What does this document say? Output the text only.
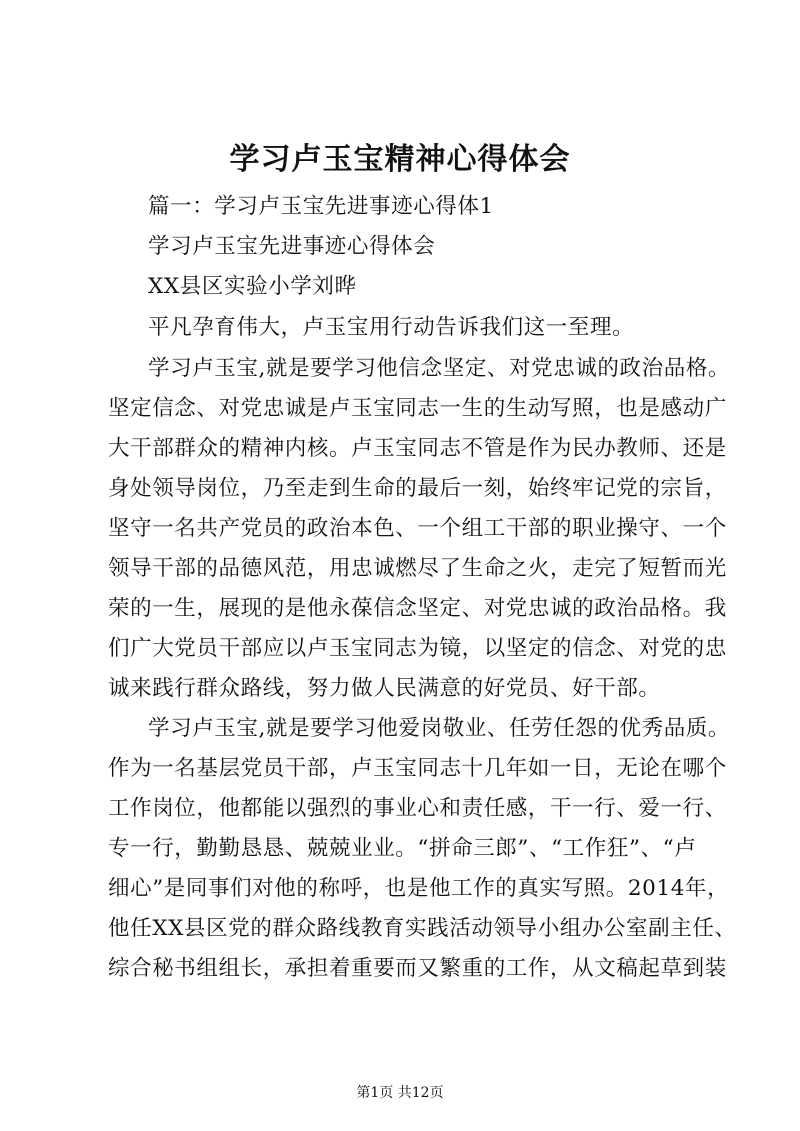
学习卢玉宝精神心得体会
篇一：学习卢玉宝先进事迹心得体1
学习卢玉宝先进事迹心得体会
XX县区实验小学刘晔
平凡孕育伟大，卢玉宝用行动告诉我们这一至理。
学习卢玉宝,就是要学习他信念坚定、对党忠诚的政治品格。
坚定信念、对党忠诚是卢玉宝同志一生的生动写照，也是感动广
大干部群众的精神内核。卢玉宝同志不管是作为民办教师、还是
身处领导岗位，乃至走到生命的最后一刻，始终牢记党的宗旨，
坚守一名共产党员的政治本色、一个组工干部的职业操守、一个
领导干部的品德风范，用忠诚燃尽了生命之火，走完了短暂而光
荣的一生，展现的是他永葆信念坚定、对党忠诚的政治品格。我
们广大党员干部应以卢玉宝同志为镜，以坚定的信念、对党的忠
诚来践行群众路线，努力做人民满意的好党员、好干部。
学习卢玉宝,就是要学习他爱岗敬业、任劳任怨的优秀品质。
作为一名基层党员干部，卢玉宝同志十几年如一日，无论在哪个
工作岗位，他都能以强烈的事业心和责任感，干一行、爱一行、
专一行，勤勤恳恳、兢兢业业。“拼命三郎”、“工作狂”、“卢
细心”是同事们对他的称呼，也是他工作的真实写照。2014年，
他任XX县区党的群众路线教育实践活动领导小组办公室副主任、
综合秘书组组长，承担着重要而又繁重的工作，从文稿起草到装
第1页 共12页
